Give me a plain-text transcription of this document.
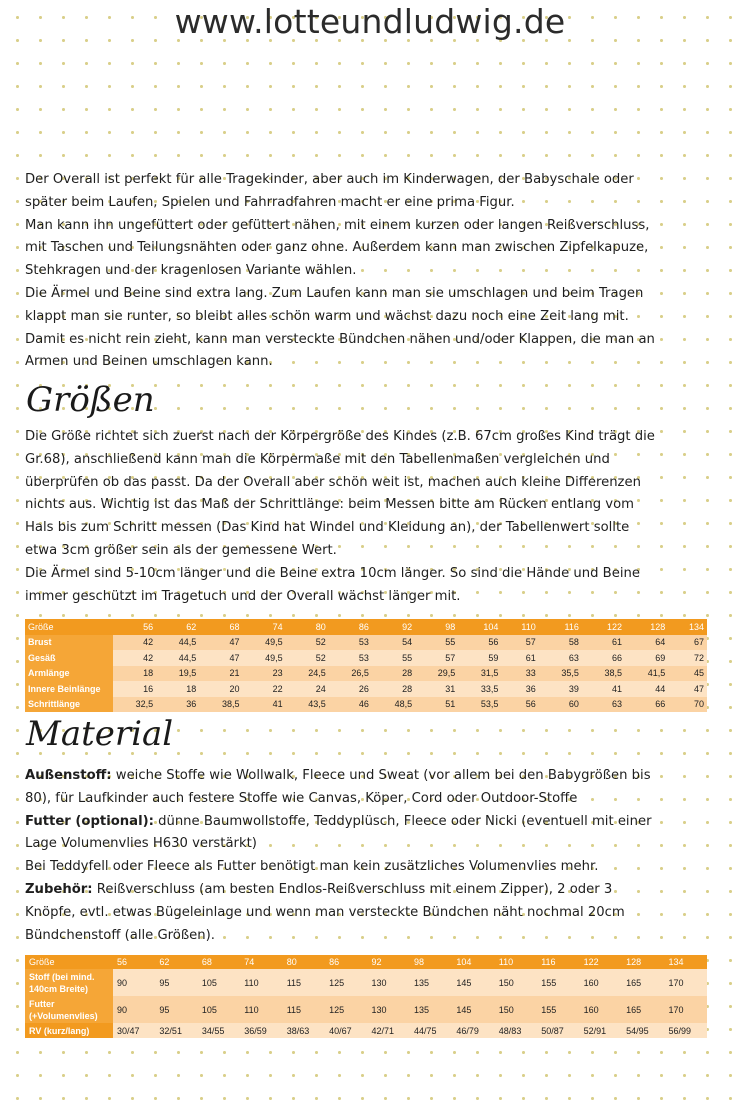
www.lotteundludwig.de

Der Overall ist perfekt für alle Tragekinder, aber auch im Kinderwagen, der Babyschale oder

später beim Laufen, Spielen und Fahrradfahren macht er eine prima Figur.

Man kann ihn ungefüttert oder gefüttert nähen, mit einem kurzen oder langen Reißverschluss,

mit Taschen und Teilungsnähten oder ganz ohne. Außerdem kann man zwischen Zipfelkapuze,

Stehkragen und der kragenlosen Variante wählen.

Die Ärmel und Beine sind extra lang. Zum Laufen kann man sie umschlagen und beim Tragen

klappt man sie runter, so bleibt alles schön warm und wächst dazu noch eine Zeit lang mit.

Damit es nicht rein zieht, kann man versteckte Bündchen nähen und/oder Klappen, die man an

Armen und Beinen umschlagen kann.

Größen

Die Größe richtet sich zuerst nach der Körpergröße des Kindes (z.B. 67cm großes Kind trägt die

Gr.68), anschließend kann man die Körpermaße mit den Tabellenmaßen vergleichen und

überprüfen ob das passt. Da der Overall aber schön weit ist, machen auch kleine Differenzen

nichts aus. Wichtig ist das Maß der Schrittlänge: beim Messen bitte am Rücken entlang vom

Hals bis zum Schritt messen (Das Kind hat Windel und Kleidung an), der Tabellenwert sollte

etwa 3cm größer sein als der gemessene Wert.

Die Ärmel sind 5-10cm länger und die Beine extra 10cm länger. So sind die Hände und Beine

immer geschützt im Tragetuch und der Overall wächst länger mit.

Größe	56	62	68	74	80	86	92	98	104	110	116	122	128	134
Brust	42	44,5	47	49,5	52	53	54	55	56	57	58	61	64	67
Gesäß	42	44,5	47	49,5	52	53	55	57	59	61	63	66	69	72
Armlänge	18	19,5	21	23	24,5	26,5	28	29,5	31,5	33	35,5	38,5	41,5	45
Innere Beinlänge	16	18	20	22	24	26	28	31	33,5	36	39	41	44	47
Schrittlänge	32,5	36	38,5	41	43,5	46	48,5	51	53,5	56	60	63	66	70
Material

Außenstoff: weiche Stoffe wie Wollwalk, Fleece und Sweat (vor allem bei den Babygrößen bis

80), für Laufkinder auch festere Stoffe wie Canvas, Köper, Cord oder Outdoor-Stoffe

Futter (optional): dünne Baumwollstoffe, Teddyplüsch, Fleece oder Nicki (eventuell mit einer

Lage Volumenvlies H630 verstärkt)

Bei Teddyfell oder Fleece als Futter benötigt man kein zusätzliches Volumenvlies mehr.

Zubehör: Reißverschluss (am besten Endlos-Reißverschluss mit einem Zipper), 2 oder 3

Knöpfe, evtl. etwas Bügeleinlage und wenn man versteckte Bündchen näht nochmal 20cm

Bündchenstoff (alle Größen).

Größe	56	62	68	74	80	86	92	98	104	110	116	122	128	134

Stoff (bei mind.
140cm Breite)	90	95	105	110	115	125	130	135	145	150	155	160	165	170

Futter
(+Volumenvlies)	90	95	105	110	115	125	130	135	145	150	155	160	165	170

RV (kurz/lang)	30/47	32/51	34/55	36/59	38/63	40/67	42/71	44/75	46/79	48/83	50/87	52/91	54/95	56/99
